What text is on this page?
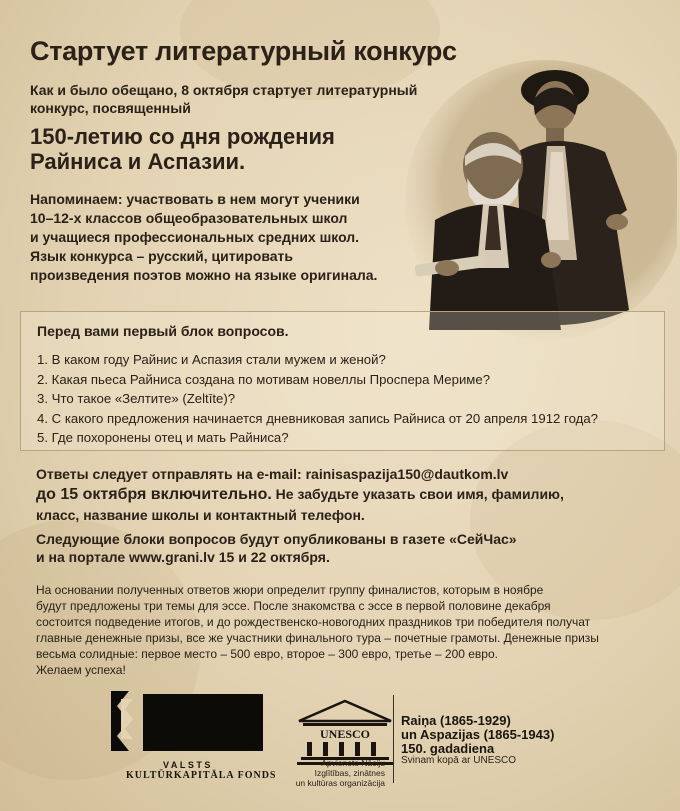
Стартует литературный конкурс
Как и было обещано, 8 октября стартует литературный
конкурс, посвященный
150-летию со дня рождения
Райниса и Аспазии.
Напоминаем: участвовать в нем могут ученики
10–12-х классов общеобразовательных школ
и учащиеся профессиональных средних школ.
Язык конкурса – русский, цитировать
произведения поэтов можно на языке оригинала.
Перед вами первый блок вопросов.
1. В каком году Райнис и Аспазия стали мужем и женой?
2. Какая пьеса Райниса создана по мотивам новеллы Проспера Мериме?
3. Что такое «Зелтите» (Zeltīte)?
4. С какого предложения начинается дневниковая запись Райниса от 20 апреля 1912 года?
5. Где похоронены отец и мать Райниса?
Ответы следует отправлять на e-mail: rainisaspazija150@dautkom.lv
до 15 октября включительно. Не забудьте указать свои имя, фамилию,
класс, название школы и контактный телефон.
Следующие блоки вопросов будут опубликованы в газете «СейЧас»
и на портале www.grani.lv 15 и 22 октября.
На основании полученных ответов жюри определит группу финалистов, которым в ноябре
будут предложены три темы для эссе. После знакомства с эссе в первой половине декабря
состоится подведение итогов, и до рождественско-новогодних праздников три победителя получат
главные денежные призы, все же участники финального тура – почетные грамоты. Денежные призы
весьма солидные: первое место – 500 евро, второе – 300 евро, третье – 200 евро.
Желаем успеха!
VALSTS
KULTŪRKAPITĀLA FONDS
UNESCO
Apvienoto Nāciju
Izglītības, zinātnes
un kultūras organizācija
Raiņa (1865-1929)
un Aspazijas (1865-1943)
150. gadadiena
Svinam kopā ar UNESCO
